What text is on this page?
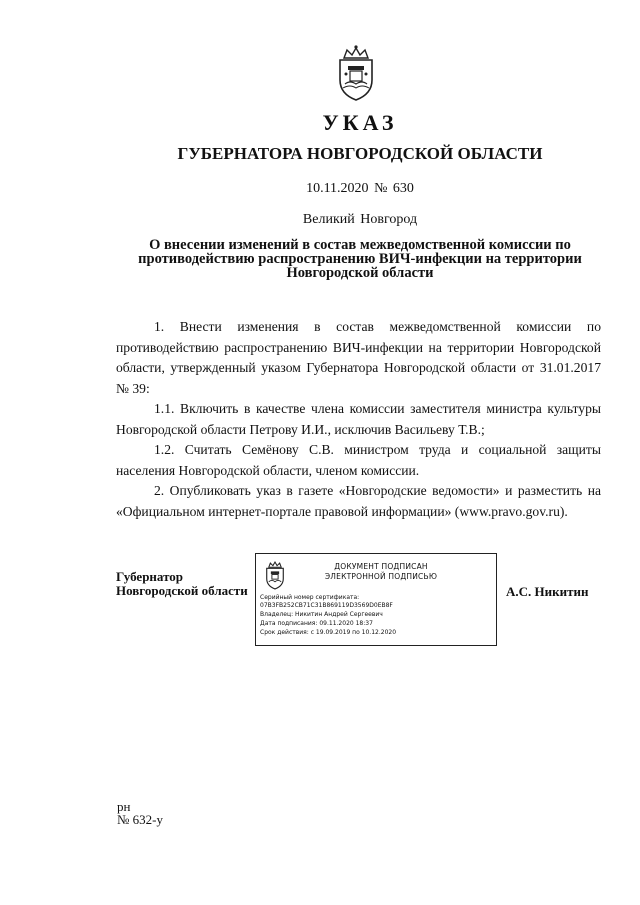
УКАЗ
ГУБЕРНАТОРА НОВГОРОДСКОЙ ОБЛАСТИ
10.11.2020 № 630
Великий Новгород
О внесении изменений в состав межведомственной комиссии по
противодействию распространению ВИЧ-инфекции на территории
Новгородской области

1. Внести изменения в состав межведомственной комиссии по противодействию распространению ВИЧ-инфекции на территории Новгородской области, утвержденный указом Губернатора Новгородской области от 31.01.2017 № 39:

1.1. Включить в качестве члена комиссии заместителя министра культуры Новгородской области Петрову И.И., исключив Васильеву Т.В.;

1.2. Считать Семёнову С.В. министром труда и социальной защиты населения Новгородской области, членом комиссии.

2. Опубликовать указ в газете «Новгородские ведомости» и разместить на «Официальном интернет-портале правовой информации» (www.pravo.gov.ru).

Губернатор
Новгородской области
ДОКУМЕНТ ПОДПИСАН
ЭЛЕКТРОННОЙ ПОДПИСЬЮ
Серийный номер сертификата:
07B3FB252CB71C31B869119D3569D0EB8F
Владелец: Никитин Андрей Сергеевич
Дата подписания: 09.11.2020 18:37
Срок действия: с 19.09.2019 по 10.12.2020
А.С. Никитин
рн
№ 632-у
